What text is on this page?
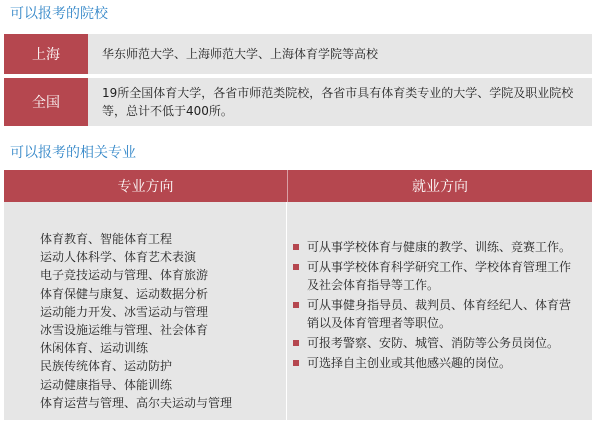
可以报考的院校
上海	华东师范大学、上海师范大学、上海体育学院等高校
全国
19所全国体育大学，各省市师范类院校，各省市具有体育类专业的大学、学院及职业院校等，总计不低于400所。
可以报考的相关专业
专业方向	就业方向
体育教育、智能体育工程
运动人体科学、体育艺术表演
电子竞技运动与管理、体育旅游
体育保健与康复、运动数据分析
运动能力开发、冰雪运动与管理
冰雪设施运维与管理、社会体育
休闲体育、运动训练
民族传统体育、运动防护
运动健康指导、体能训练
体育运营与管理、高尔夫运动与管理
可从事学校体育与健康的教学、训练、竞赛工作。
可从事学校体育科学研究工作、学校体育管理工作及社会体育指导等工作。
可从事健身指导员、裁判员、体育经纪人、体育营销以及体育管理者等职位。
可报考警察、安防、城管、消防等公务员岗位。
可选择自主创业或其他感兴趣的岗位。
